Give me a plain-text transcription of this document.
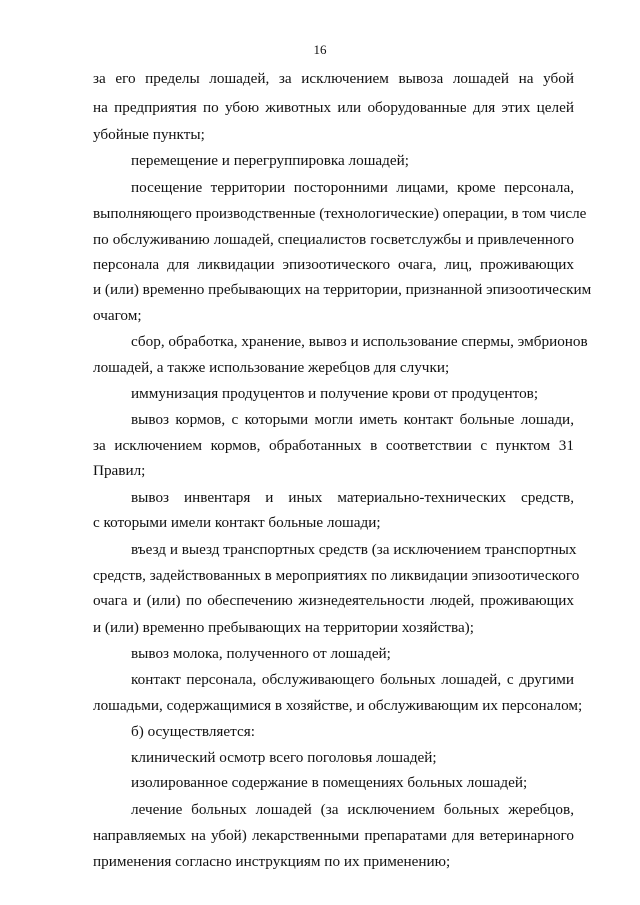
16
за его пределы лошадей, за исключением вывоза лошадей на убой
на предприятия по убою животных или оборудованные для этих целей
убойные пункты;
перемещение и перегруппировка лошадей;
посещение территории посторонними лицами, кроме персонала,
выполняющего производственные (технологические) операции, в том числе
по обслуживанию лошадей, специалистов госветслужбы и привлеченного
персонала для ликвидации эпизоотического очага, лиц, проживающих
и (или) временно пребывающих на территории, признанной эпизоотическим
очагом;
сбор, обработка, хранение, вывоз и использование спермы, эмбрионов
лошадей, а также использование жеребцов для случки;
иммунизация продуцентов и получение крови от продуцентов;
вывоз кормов, с которыми могли иметь контакт больные лошади,
за исключением кормов, обработанных в соответствии с пунктом 31
Правил;
вывоз инвентаря и иных материально-технических средств,
с которыми имели контакт больные лошади;
въезд и выезд транспортных средств (за исключением транспортных
средств, задействованных в мероприятиях по ликвидации эпизоотического
очага и (или) по обеспечению жизнедеятельности людей, проживающих
и (или) временно пребывающих на территории хозяйства);
вывоз молока, полученного от лошадей;
контакт персонала, обслуживающего больных лошадей, с другими
лошадьми, содержащимися в хозяйстве, и обслуживающим их персоналом;
б) осуществляется:
клинический осмотр всего поголовья лошадей;
изолированное содержание в помещениях больных лошадей;
лечение больных лошадей (за исключением больных жеребцов,
направляемых на убой) лекарственными препаратами для ветеринарного
применения согласно инструкциям по их применению;
